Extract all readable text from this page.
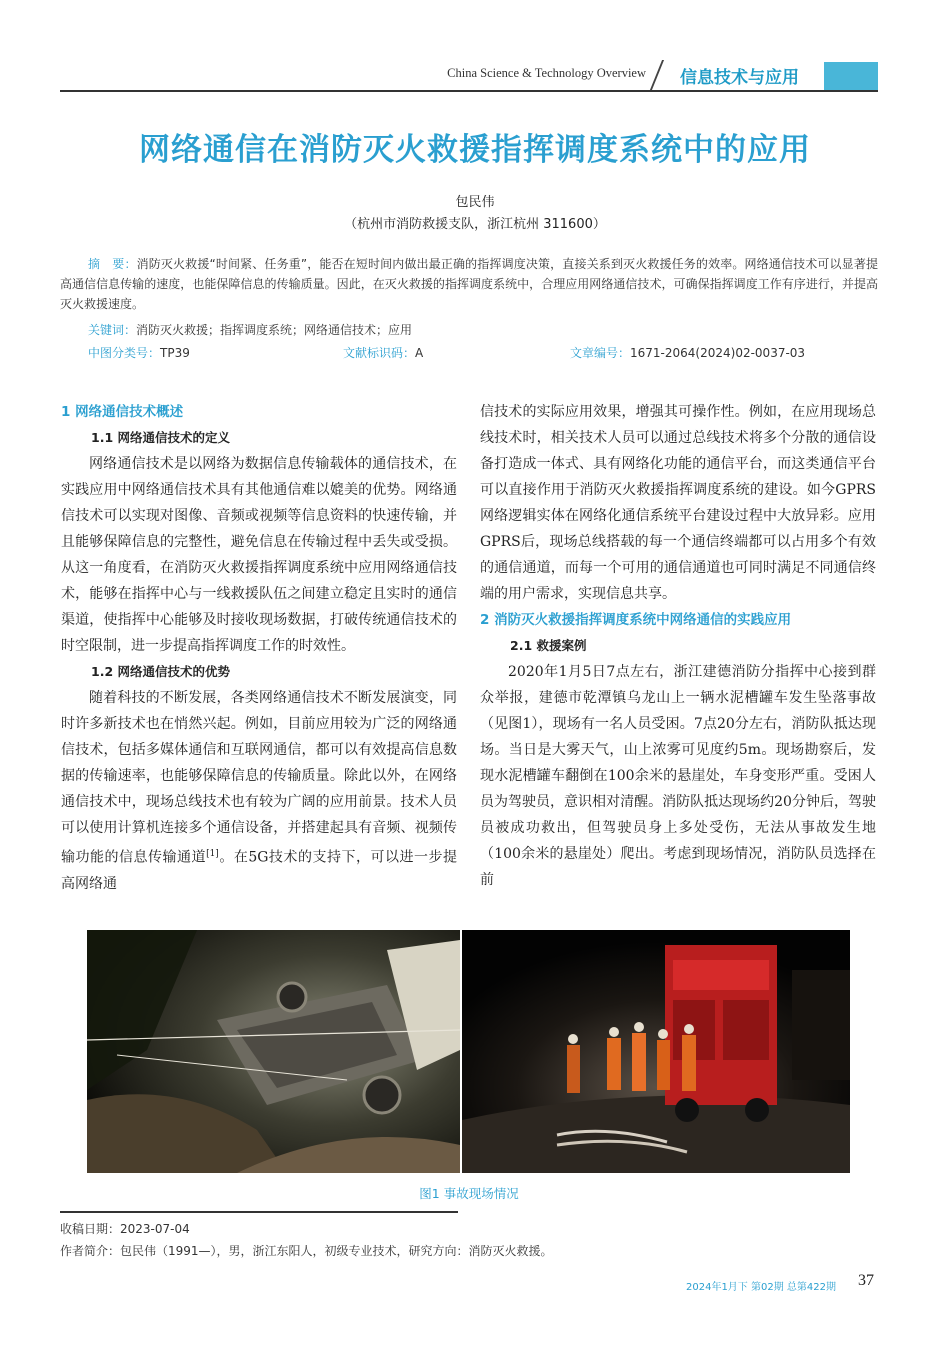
China Science & Technology Overview 信息技术与应用
网络通信在消防灭火救援指挥调度系统中的应用
包民伟
（杭州市消防救援支队，浙江杭州 311600）
摘　要：消防灭火救援“时间紧、任务重”，能否在短时间内做出最正确的指挥调度决策，直接关系到灭火救援任务的效率。网络通信技术可以显著提高通信信息传输的速度，也能保障信息的传输质量。因此，在灭火救援的指挥调度系统中，合理应用网络通信技术，可确保指挥调度工作有序进行，并提高灭火救援速度。
关键词：消防灭火救援；指挥调度系统；网络通信技术；应用
中图分类号：TP39	文献标识码：A	文章编号：1671-2064(2024)02-0037-03
1 网络通信技术概述
1.1 网络通信技术的定义

网络通信技术是以网络为数据信息传输载体的通信技术，在实践应用中网络通信技术具有其他通信难以媲美的优势。网络通信技术可以实现对图像、音频或视频等信息资料的快速传输，并且能够保障信息的完整性，避免信息在传输过程中丢失或受损。从这一角度看，在消防灭火救援指挥调度系统中应用网络通信技术，能够在指挥中心与一线救援队伍之间建立稳定且实时的通信渠道，使指挥中心能够及时接收现场数据，打破传统通信技术的时空限制，进一步提高指挥调度工作的时效性。

1.2 网络通信技术的优势

随着科技的不断发展，各类网络通信技术不断发展演变，同时许多新技术也在悄然兴起。例如，目前应用较为广泛的网络通信技术，包括多媒体通信和互联网通信，都可以有效提高信息数据的传输速率，也能够保障信息的传输质量。除此以外，在网络通信技术中，现场总线技术也有较为广阔的应用前景。技术人员可以使用计算机连接多个通信设备，并搭建起具有音频、视频传输功能的信息传输通道[1]。在5G技术的支持下，可以进一步提高网络通

信技术的实际应用效果，增强其可操作性。例如，在应用现场总线技术时，相关技术人员可以通过总线技术将多个分散的通信设备打造成一体式、具有网络化功能的通信平台，而这类通信平台可以直接作用于消防灭火救援指挥调度系统的建设。如今GPRS网络逻辑实体在网络化通信系统平台建设过程中大放异彩。应用GPRS后，现场总线搭载的每一个通信终端都可以占用多个有效的通信通道，而每一个可用的通信通道也可同时满足不同通信终端的用户需求，实现信息共享。

2 消防灭火救援指挥调度系统中网络通信的实践应用
2.1 救援案例

2020年1月5日7点左右，浙江建德消防分指挥中心接到群众举报，建德市乾潭镇乌龙山上一辆水泥槽罐车发生坠落事故（见图1），现场有一名人员受困。7点20分左右，消防队抵达现场。当日是大雾天气，山上浓雾可见度约5m。现场勘察后，发现水泥槽罐车翻倒在100余米的悬崖处，车身变形严重。受困人员为驾驶员，意识相对清醒。消防队抵达现场约20分钟后，驾驶员被成功救出，但驾驶员身上多处受伤，无法从事故发生地（100余米的悬崖处）爬出。考虑到现场情况，消防队员选择在前

图1 事故现场情况
收稿日期：2023-07-04
作者简介：包民伟（1991—），男，浙江东阳人，初级专业技术，研究方向：消防灭火救援。
2024年1月下 第02期 总第422期 37
